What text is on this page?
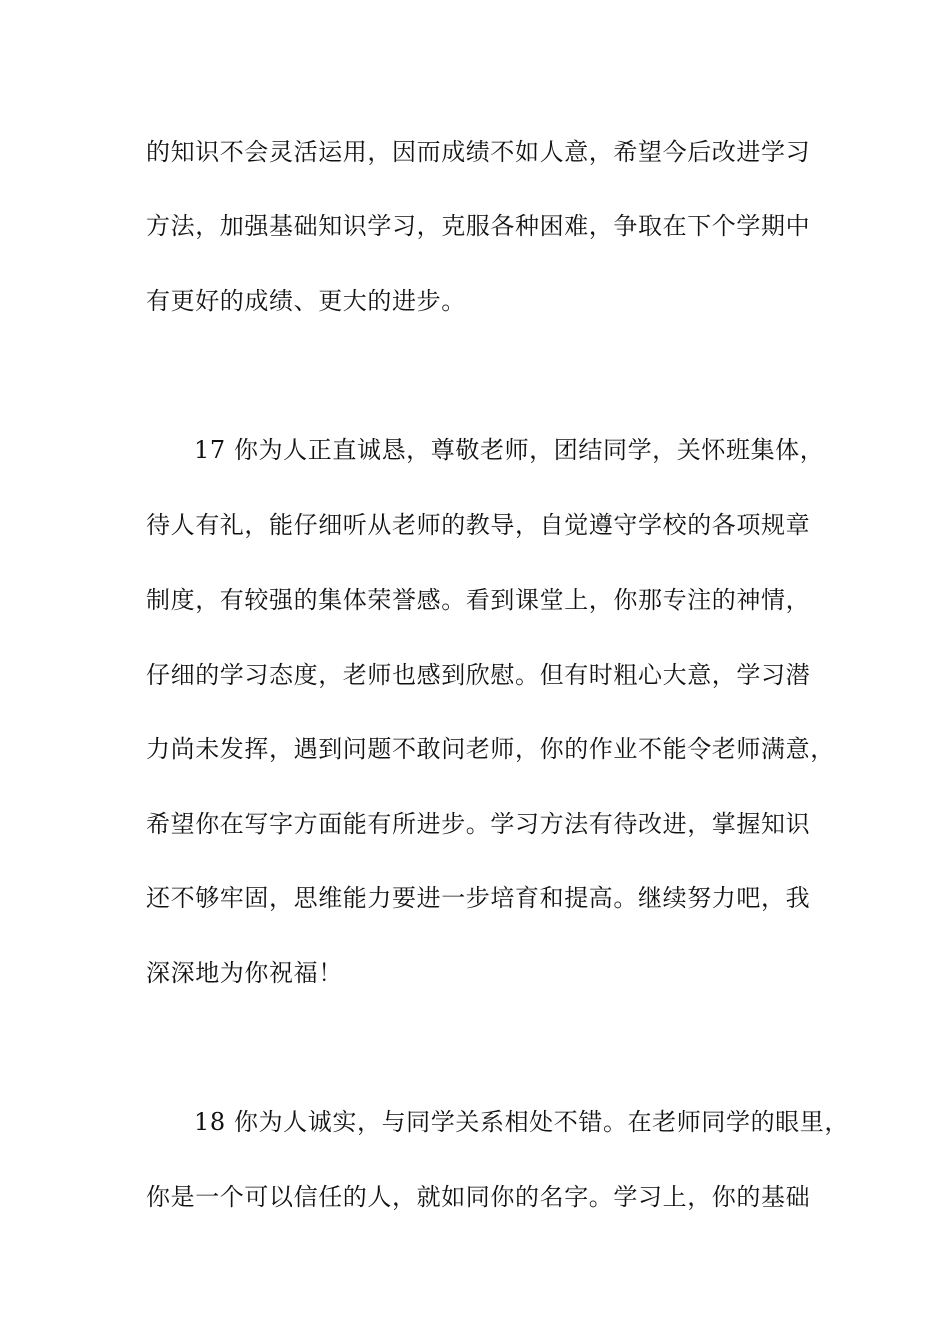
的知识不会灵活运用，因而成绩不如人意，希望今后改进学习
方法，加强基础知识学习，克服各种困难，争取在下个学期中
有更好的成绩、更大的进步。
17 你为人正直诚恳，尊敬老师，团结同学，关怀班集体，
待人有礼，能仔细听从老师的教导，自觉遵守学校的各项规章
制度，有较强的集体荣誉感。看到课堂上，你那专注的神情，
仔细的学习态度，老师也感到欣慰。但有时粗心大意，学习潜
力尚未发挥，遇到问题不敢问老师，你的作业不能令老师满意，
希望你在写字方面能有所进步。学习方法有待改进，掌握知识
还不够牢固，思维能力要进一步培育和提高。继续努力吧，我
深深地为你祝福！
18 你为人诚实，与同学关系相处不错。在老师同学的眼里，
你是一个可以信任的人，就如同你的名字。学习上，你的基础
